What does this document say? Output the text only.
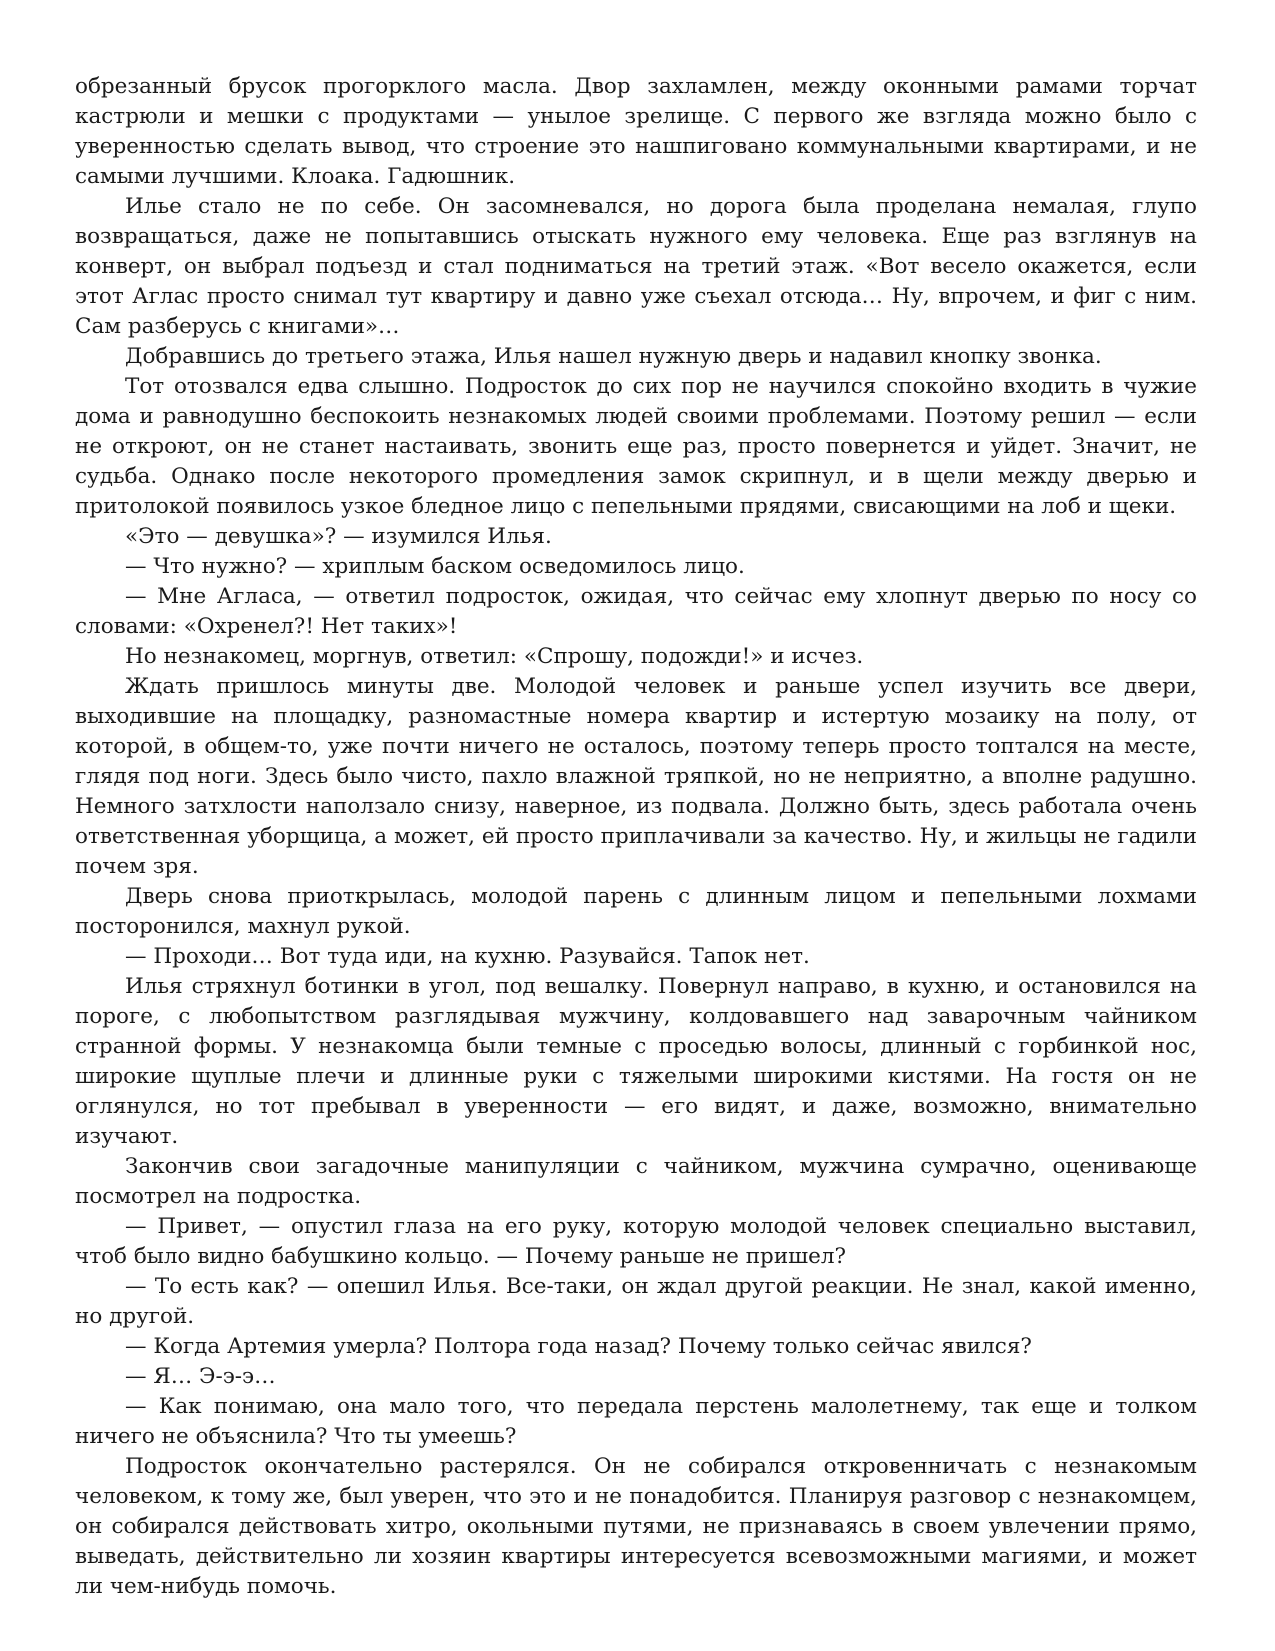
обрезанный брусок прогорклого масла. Двор захламлен, между оконными рамами торчат кастрюли и мешки с продуктами — унылое зрелище. С первого же взгляда можно было с уверенностью сделать вывод, что строение это нашпиговано коммунальными квартирами, и не самыми лучшими. Клоака. Гадюшник.

Илье стало не по себе. Он засомневался, но дорога была проделана немалая, глупо возвращаться, даже не попытавшись отыскать нужного ему человека. Еще раз взглянув на конверт, он выбрал подъезд и стал подниматься на третий этаж. «Вот весело окажется, если этот Аглас просто снимал тут квартиру и давно уже съехал отсюда… Ну, впрочем, и фиг с ним. Сам разберусь с книгами»…

Добравшись до третьего этажа, Илья нашел нужную дверь и надавил кнопку звонка.

Тот отозвался едва слышно. Подросток до сих пор не научился спокойно входить в чужие дома и равнодушно беспокоить незнакомых людей своими проблемами. Поэтому решил — если не откроют, он не станет настаивать, звонить еще раз, просто повернется и уйдет. Значит, не судьба. Однако после некоторого промедления замок скрипнул, и в щели между дверью и притолокой появилось узкое бледное лицо с пепельными прядями, свисающими на лоб и щеки.

«Это — девушка»? — изумился Илья.

— Что нужно? — хриплым баском осведомилось лицо.

— Мне Агласа, — ответил подросток, ожидая, что сейчас ему хлопнут дверью по носу со словами: «Охренел?! Нет таких»!

Но незнакомец, моргнув, ответил: «Спрошу, подожди!» и исчез.

Ждать пришлось минуты две. Молодой человек и раньше успел изучить все двери, выходившие на площадку, разномастные номера квартир и истертую мозаику на полу, от которой, в общем-то, уже почти ничего не осталось, поэтому теперь просто топтался на месте, глядя под ноги. Здесь было чисто, пахло влажной тряпкой, но не неприятно, а вполне радушно. Немного затхлости наползало снизу, наверное, из подвала. Должно быть, здесь работала очень ответственная уборщица, а может, ей просто приплачивали за качество. Ну, и жильцы не гадили почем зря.

Дверь снова приоткрылась, молодой парень с длинным лицом и пепельными лохмами посторонился, махнул рукой.

— Проходи… Вот туда иди, на кухню. Разувайся. Тапок нет.

Илья стряхнул ботинки в угол, под вешалку. Повернул направо, в кухню, и остановился на пороге, с любопытством разглядывая мужчину, колдовавшего над заварочным чайником странной формы. У незнакомца были темные с проседью волосы, длинный с горбинкой нос, широкие щуплые плечи и длинные руки с тяжелыми широкими кистями. На гостя он не оглянулся, но тот пребывал в уверенности — его видят, и даже, возможно, внимательно изучают.

Закончив свои загадочные манипуляции с чайником, мужчина сумрачно, оценивающе посмотрел на подростка.

— Привет, — опустил глаза на его руку, которую молодой человек специально выставил, чтоб было видно бабушкино кольцо. — Почему раньше не пришел?

— То есть как? — опешил Илья. Все-таки, он ждал другой реакции. Не знал, какой именно, но другой.

— Когда Артемия умерла? Полтора года назад? Почему только сейчас явился?

— Я… Э-э-э…

— Как понимаю, она мало того, что передала перстень малолетнему, так еще и толком ничего не объяснила? Что ты умеешь?

Подросток окончательно растерялся. Он не собирался откровенничать с незнакомым человеком, к тому же, был уверен, что это и не понадобится. Планируя разговор с незнакомцем, он собирался действовать хитро, окольными путями, не признаваясь в своем увлечении прямо, выведать, действительно ли хозяин квартиры интересуется всевозможными магиями, и может ли чем-нибудь помочь.
